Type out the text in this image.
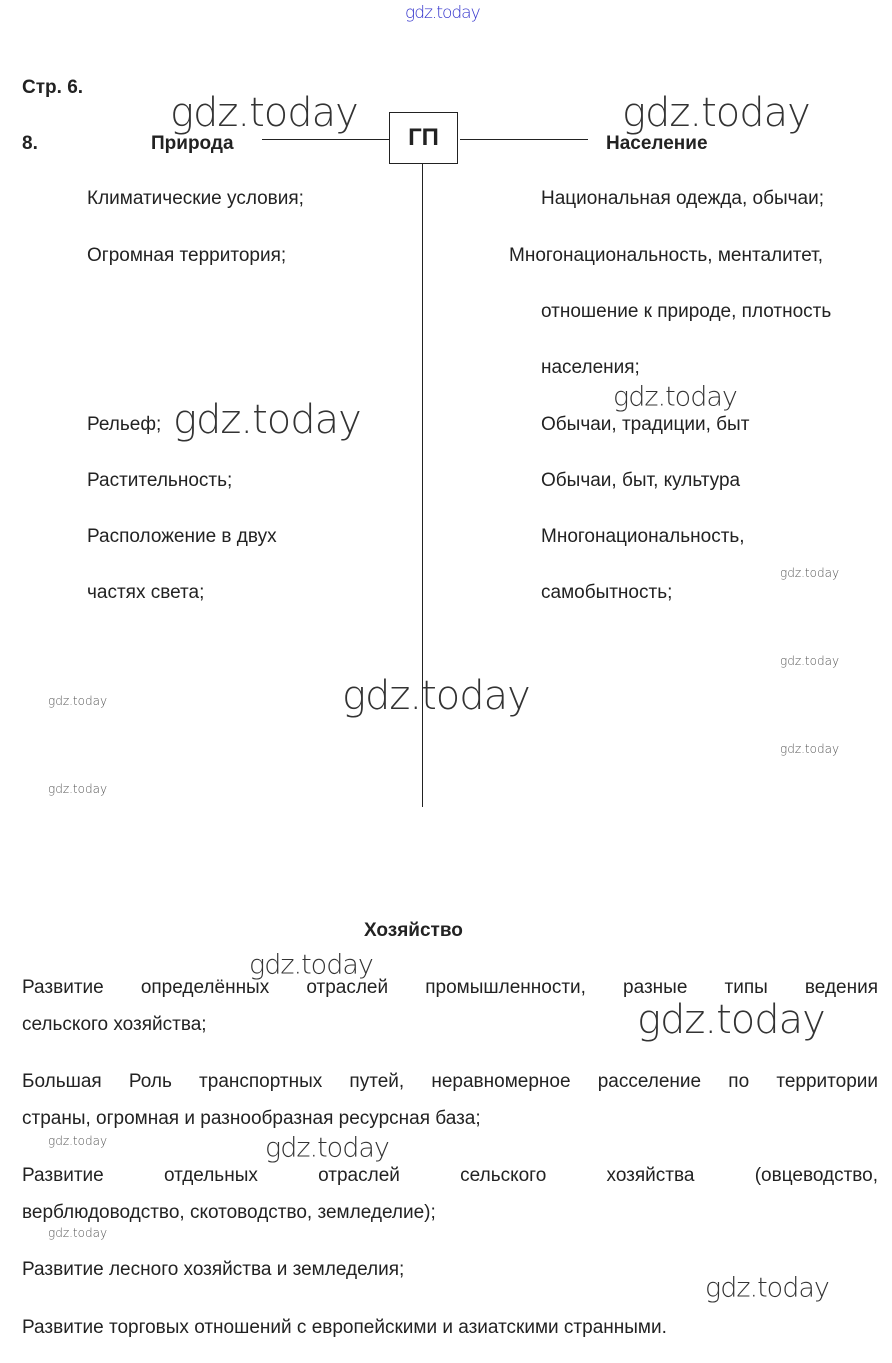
gdz.today
Стр. 6.
8.	Природа	Население
ГП
Климатические условия;
Огромная территория;
Рельеф;
Растительность;
Расположение в двух
частях света;
Национальная одежда, обычаи;
Многонациональность, менталитет,
отношение к природе, плотность
населения;
Обычаи, традиции, быт
Обычаи, быт, культура
Многонациональность,
самобытность;
Хозяйство
Развитие определённых отраслей промышленности, разные типы ведения
сельского хозяйства;
Большая Роль транспортных путей, неравномерное расселение по территории
страны, огромная и разнообразная ресурсная база;
Развитие отдельных отраслей сельского хозяйства (овцеводство,
верблюдоводство, скотоводство, земледелие);
Развитие лесного хозяйства и земледелия;
Развитие торговых отношений с европейскими и азиатскими странными.
gdz.today	gdz.today
gdz.today	gdz.today
gdz.today
gdz.today
gdz.today
gdz.today
gdz.today
gdz.today
gdz.today
gdz.today
gdz.today	gdz.today
gdz.today
gdz.today
